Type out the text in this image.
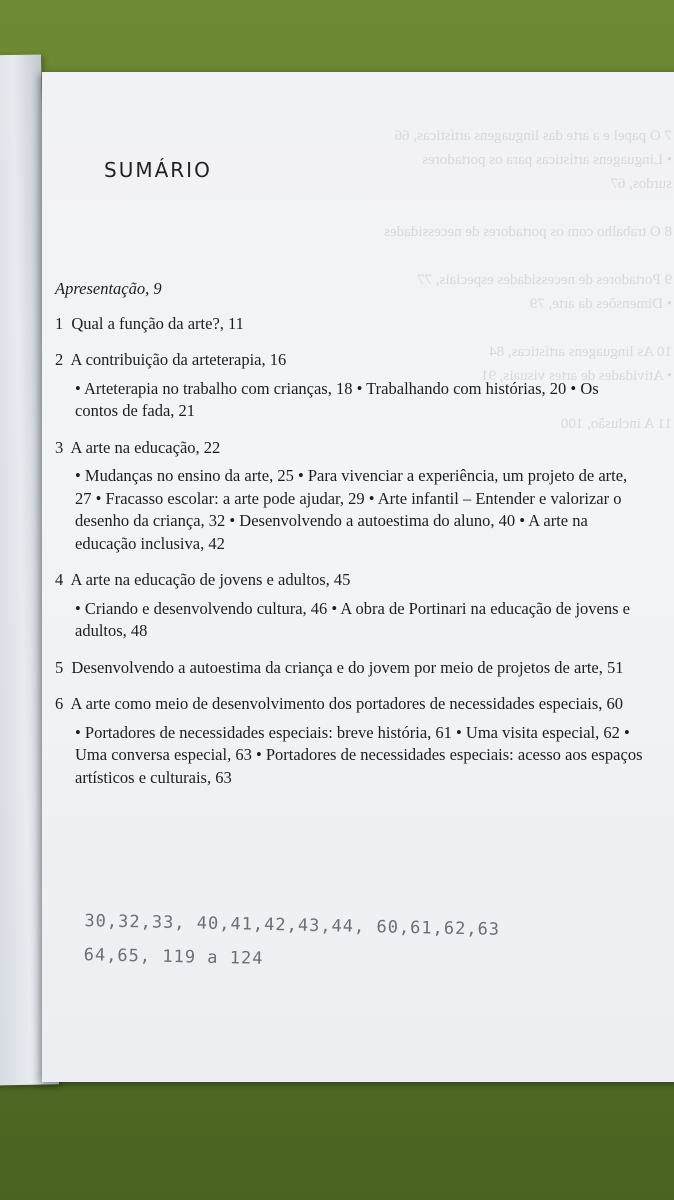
7 O papel e a arte das linguagens artísticas, 66
• Linguagens artísticas para os portadores
surdos, 67

8 O trabalho com os portadores de necessidades

9 Portadores de necessidades especiais, 77
• Dimensões da arte, 79

10 As linguagens artísticas, 84
• Atividades de artes visuais, 91

11 A inclusão, 100
SUMÁRIO
Apresentação, 9
1 Qual a função da arte?, 11
2 A contribuição da arteterapia, 16
• Arteterapia no trabalho com crianças, 18 • Trabalhando com histórias, 20 • Os contos de fada, 21
3 A arte na educação, 22
• Mudanças no ensino da arte, 25 • Para vivenciar a experiência, um projeto de arte, 27 • Fracasso escolar: a arte pode ajudar, 29 • Arte infantil – Entender e valorizar o desenho da criança, 32 • Desenvolvendo a autoestima do aluno, 40 • A arte na educação inclusiva, 42
4 A arte na educação de jovens e adultos, 45
• Criando e desenvolvendo cultura, 46 • A obra de Portinari na educação de jovens e adultos, 48
5 Desenvolvendo a autoestima da criança e do jovem por meio de projetos de arte, 51
6 A arte como meio de desenvolvimento dos portadores de necessidades especiais, 60
• Portadores de necessidades especiais: breve história, 61 • Uma visita especial, 62 • Uma conversa especial, 63 • Portadores de necessidades especiais: acesso aos espaços artísticos e culturais, 63
30,32,33, 40,41,42,43,44, 60,61,62,63
64,65, 119 a 124
